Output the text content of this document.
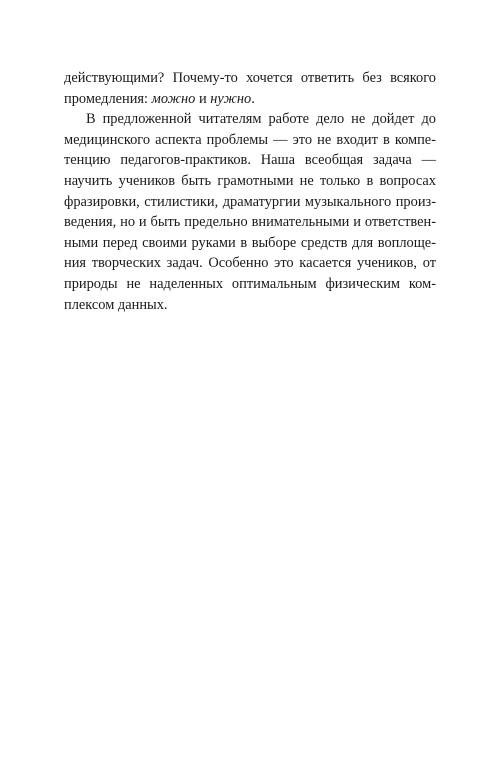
действующими? Почему-то хочется ответить без всякого
промедления: можно и нужно.
В предложенной читателям работе дело не дойдет до
медицинского аспекта проблемы — это не входит в компе-
тенцию педагогов-практиков. Наша всеобщая задача —
научить учеников быть грамотными не только в вопросах
фразировки, стилистики, драматургии музыкального произ-
ведения, но и быть предельно внимательными и ответствен-
ными перед своими руками в выборе средств для воплоще-
ния творческих задач. Особенно это касается учеников, от
природы не наделенных оптимальным физическим ком-
плексом данных.
